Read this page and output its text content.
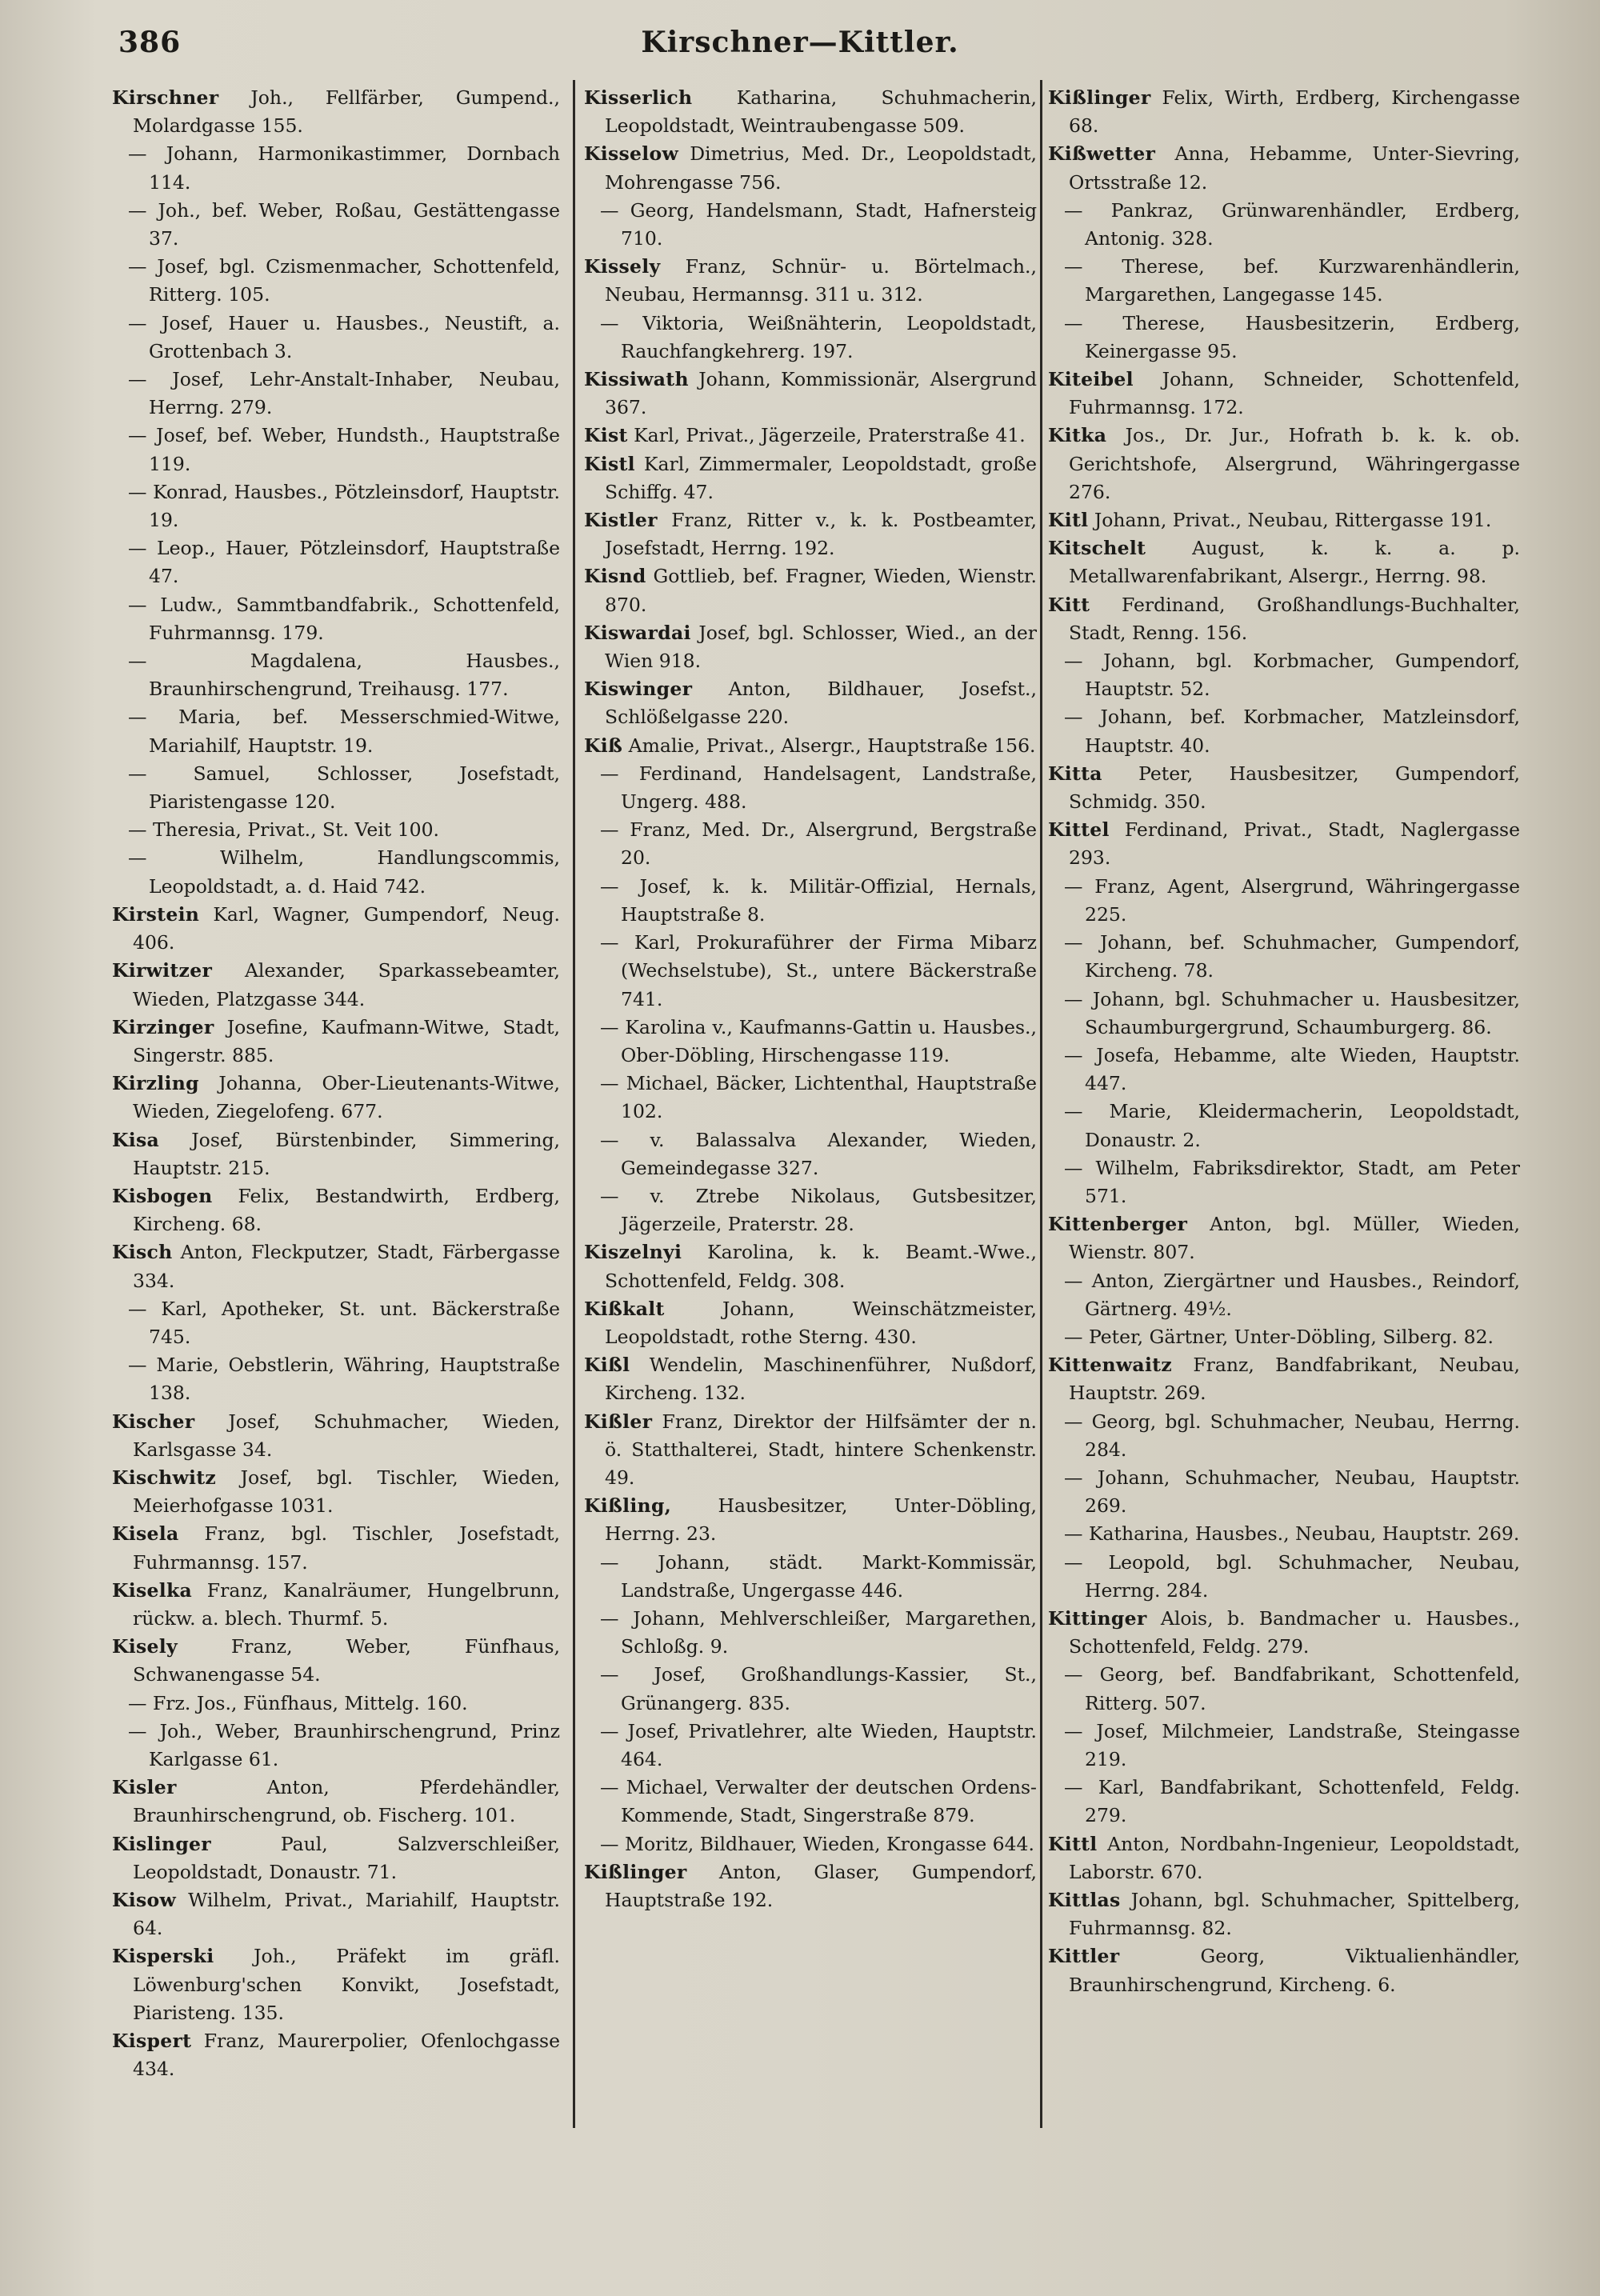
386	Kirschner—Kittler.

Kirschner Joh., Fellfärber, Gumpend., Molardgasse 155.

— Johann, Harmonikastimmer, Dornbach 114.

— Joh., bef. Weber, Roßau, Gestättengasse 37.

— Josef, bgl. Czismenmacher, Schottenfeld, Ritterg. 105.

— Josef, Hauer u. Hausbes., Neustift, a. Grottenbach 3.

— Josef, Lehr-Anstalt-Inhaber, Neubau, Herrng. 279.

— Josef, bef. Weber, Hundsth., Hauptstraße 119.

— Konrad, Hausbes., Pötzleinsdorf, Hauptstr. 19.

— Leop., Hauer, Pötzleinsdorf, Hauptstraße 47.

— Ludw., Sammtbandfabrik., Schottenfeld, Fuhrmannsg. 179.

— Magdalena, Hausbes., Braunhirschengrund, Treihausg. 177.

— Maria, bef. Messerschmied-Witwe, Mariahilf, Hauptstr. 19.

— Samuel, Schlosser, Josefstadt, Piaristengasse 120.

— Theresia, Privat., St. Veit 100.

— Wilhelm, Handlungscommis, Leopoldstadt, a. d. Haid 742.

Kirstein Karl, Wagner, Gumpendorf, Neug. 406.

Kirwitzer Alexander, Sparkassebeamter, Wieden, Platzgasse 344.

Kirzinger Josefine, Kaufmann-Witwe, Stadt, Singerstr. 885.

Kirzling Johanna, Ober-Lieutenants-Witwe, Wieden, Ziegelofeng. 677.

Kisa Josef, Bürstenbinder, Simmering, Hauptstr. 215.

Kisbogen Felix, Bestandwirth, Erdberg, Kircheng. 68.

Kisch Anton, Fleckputzer, Stadt, Färbergasse 334.

— Karl, Apotheker, St. unt. Bäckerstraße 745.

— Marie, Oebstlerin, Währing, Hauptstraße 138.

Kischer Josef, Schuhmacher, Wieden, Karlsgasse 34.

Kischwitz Josef, bgl. Tischler, Wieden, Meierhofgasse 1031.

Kisela Franz, bgl. Tischler, Josefstadt, Fuhrmannsg. 157.

Kiselka Franz, Kanalräumer, Hungelbrunn, rückw. a. blech. Thurmf. 5.

Kisely	Franz, Weber, Fünfhaus, Schwanengasse 54.

— Frz. Jos., Fünfhaus, Mittelg. 160.

— Joh., Weber, Braunhirschengrund, Prinz Karlgasse 61.

Kisler	Anton, Pferdehändler, Braunhirschengrund, ob. Fischerg. 101.

Kislinger	Paul, Salzverschleißer, Leopoldstadt, Donaustr. 71.

Kisow Wilhelm, Privat., Mariahilf, Hauptstr. 64.

Kisperski Joh., Präfekt im gräfl. Löwenburg'schen Konvikt, Josefstadt, Piaristeng. 135.

Kispert Franz, Maurerpolier, Ofenlochgasse 434.

Kisserlich Katharina, Schuhmacherin, Leopoldstadt, Weintraubengasse 509.

Kisselow Dimetrius, Med. Dr., Leopoldstadt, Mohrengasse 756.

— Georg, Handelsmann, Stadt, Hafnersteig 710.

Kissely Franz, Schnür- u. Börtelmach., Neubau, Hermannsg. 311 u. 312.

— Viktoria, Weißnähterin, Leopoldstadt, Rauchfangkehrerg. 197.

Kissiwath Johann, Kommissionär, Alsergrund 367.

Kist Karl, Privat., Jägerzeile, Praterstraße 41.

Kistl Karl, Zimmermaler, Leopoldstadt, große Schiffg. 47.

Kistler Franz, Ritter v., k. k. Postbeamter, Josefstadt, Herrng. 192.

Kisnd Gottlieb, bef. Fragner, Wieden, Wienstr. 870.

Kiswardai Josef, bgl. Schlosser, Wied., an der Wien 918.

Kiswinger Anton, Bildhauer, Josefst., Schlößelgasse 220.

Kiß Amalie, Privat., Alsergr., Hauptstraße 156.

— Ferdinand, Handelsagent, Landstraße, Ungerg. 488.

— Franz, Med. Dr., Alsergrund, Bergstraße 20.

— Josef, k. k. Militär-Offizial, Hernals, Hauptstraße 8.

— Karl, Prokuraführer der Firma Mibarz (Wechselstube), St., untere Bäckerstraße 741.

— Karolina v., Kaufmanns-Gattin u. Hausbes., Ober-Döbling, Hirschengasse 119.

— Michael, Bäcker, Lichtenthal, Hauptstraße 102.

— v. Balassalva Alexander, Wieden, Gemeindegasse 327.

— v. Ztrebe Nikolaus, Gutsbesitzer, Jägerzeile, Praterstr. 28.

Kiszelnyi Karolina, k. k. Beamt.-Wwe., Schottenfeld, Feldg. 308.

Kißkalt	Johann, Weinschätzmeister, Leopoldstadt, rothe Sterng. 430.

Kißl Wendelin, Maschinenführer, Nußdorf, Kircheng. 132.

Kißler Franz, Direktor der Hilfsämter der n. ö. Statthalterei, Stadt, hintere Schenkenstr. 49.

Kißling, Hausbesitzer, Unter-Döbling, Herrng. 23.

— Johann, städt. Markt-Kommissär, Landstraße, Ungergasse 446.

— Johann, Mehlverschleißer, Margarethen, Schloßg. 9.

— Josef, Großhandlungs-Kassier, St., Grünangerg. 835.

— Josef, Privatlehrer, alte Wieden, Hauptstr. 464.

— Michael, Verwalter der deutschen Ordens-Kommende, Stadt, Singerstraße 879.

— Moritz, Bildhauer, Wieden, Krongasse 644.

Kißlinger Anton, Glaser, Gumpendorf, Hauptstraße 192.

Kißlinger Felix, Wirth, Erdberg, Kirchengasse 68.

Kißwetter Anna, Hebamme, Unter-Sievring, Ortsstraße 12.

— Pankraz, Grünwarenhändler, Erdberg, Antonig. 328.

— Therese, bef. Kurzwarenhändlerin, Margarethen, Langegasse 145.

— Therese, Hausbesitzerin, Erdberg, Keinergasse 95.

Kiteibel Johann, Schneider, Schottenfeld, Fuhrmannsg. 172.

Kitka Jos., Dr. Jur., Hofrath b. k. k. ob. Gerichtshofe, Alsergrund, Währingergasse 276.

Kitl Johann, Privat., Neubau, Rittergasse 191.

Kitschelt August, k. k. a. p. Metallwarenfabrikant, Alsergr., Herrng. 98.

Kitt Ferdinand, Großhandlungs-Buchhalter, Stadt, Renng. 156.

— Johann, bgl. Korbmacher, Gumpendorf, Hauptstr. 52.

— Johann, bef. Korbmacher, Matzleinsdorf, Hauptstr. 40.

Kitta Peter, Hausbesitzer, Gumpendorf, Schmidg. 350.

Kittel Ferdinand, Privat., Stadt, Naglergasse 293.

— Franz, Agent, Alsergrund, Währingergasse 225.

— Johann, bef. Schuhmacher, Gumpendorf, Kircheng. 78.

— Johann, bgl. Schuhmacher u. Hausbesitzer, Schaumburgergrund, Schaumburgerg. 86.

— Josefa, Hebamme, alte Wieden, Hauptstr. 447.

— Marie, Kleidermacherin, Leopoldstadt, Donaustr. 2.

— Wilhelm, Fabriksdirektor, Stadt, am Peter 571.

Kittenberger Anton, bgl. Müller, Wieden, Wienstr. 807.

— Anton, Ziergärtner und Hausbes., Reindorf, Gärtnerg. 49½.

— Peter, Gärtner, Unter-Döbling, Silberg. 82.

Kittenwaitz Franz, Bandfabrikant, Neubau, Hauptstr. 269.

— Georg, bgl. Schuhmacher, Neubau, Herrng. 284.

— Johann, Schuhmacher, Neubau, Hauptstr. 269.

— Katharina, Hausbes., Neubau, Hauptstr. 269.

— Leopold, bgl. Schuhmacher, Neubau, Herrng. 284.

Kittinger Alois, b. Bandmacher u. Hausbes., Schottenfeld, Feldg. 279.

— Georg, bef. Bandfabrikant, Schottenfeld, Ritterg. 507.

— Josef, Milchmeier, Landstraße, Steingasse 219.

— Karl, Bandfabrikant, Schottenfeld, Feldg. 279.

Kittl Anton, Nordbahn-Ingenieur, Leopoldstadt, Laborstr. 670.

Kittlas Johann, bgl. Schuhmacher, Spittelberg, Fuhrmannsg. 82.

Kittler	Georg, Viktualienhändler, Braunhirschengrund, Kircheng. 6.
